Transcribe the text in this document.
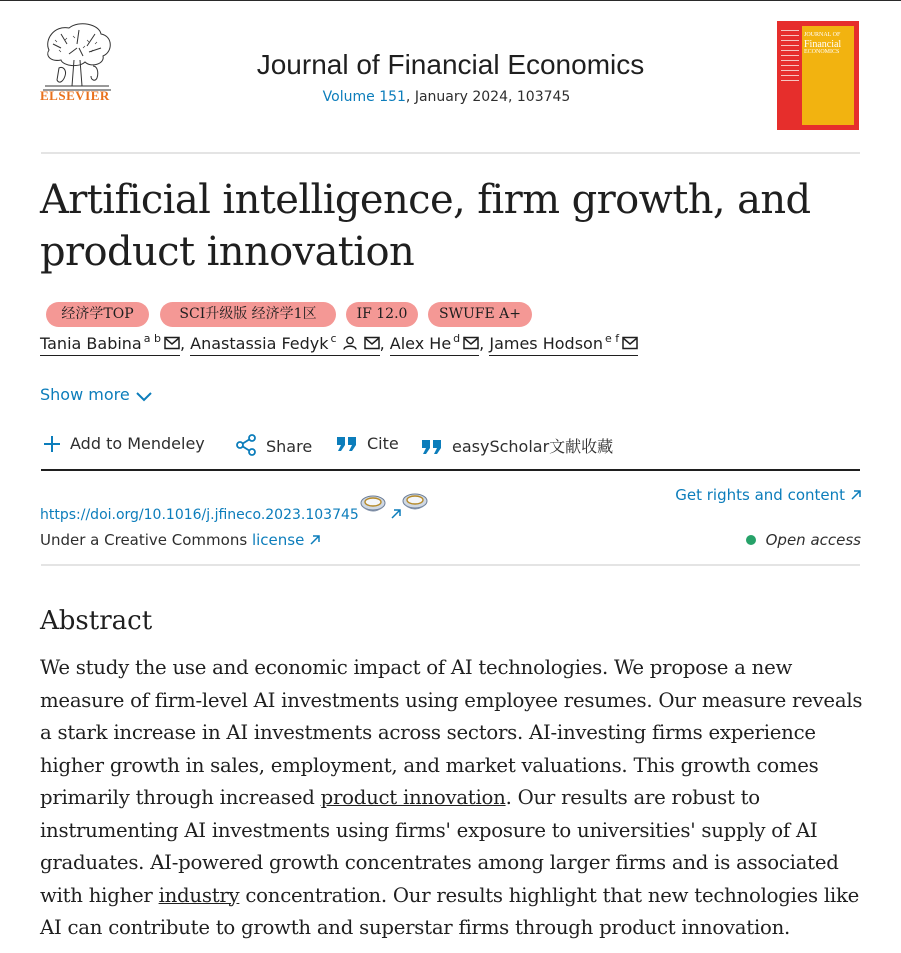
ELSEVIER
Journal of Financial Economics
Volume 151, January 2024, 103745
JOURNAL OF
Financial
ECONOMICS
Artificial intelligence, firm growth, and product innovation
经济学TOP	SCI升级版 经济学1区	IF 12.0	SWUFE A+
Tania Babina $^{a b}$ , Anastassia Fedyk $^c$	, Alex He $^d$ , James Hodson $^{e f}$
Show more
Add to Mendeley	Share	Cite	easyScholar文献收藏
https://doi.org/10.1016/j.jfineco.2023.103745
Get rights and content
Under a Creative Commons license	Open access
Abstract

We study the use and economic impact of AI technologies. We propose a new measure of firm-level AI investments using employee resumes. Our measure reveals a stark increase in AI investments across sectors. AI-investing firms experience higher growth in sales, employment, and market valuations. This growth comes primarily through increased product innovation. Our results are robust to instrumenting AI investments using firms' exposure to universities' supply of AI graduates. AI-powered growth concentrates among larger firms and is associated with higher industry concentration. Our results highlight that new technologies like AI can contribute to growth and superstar firms through product innovation.
